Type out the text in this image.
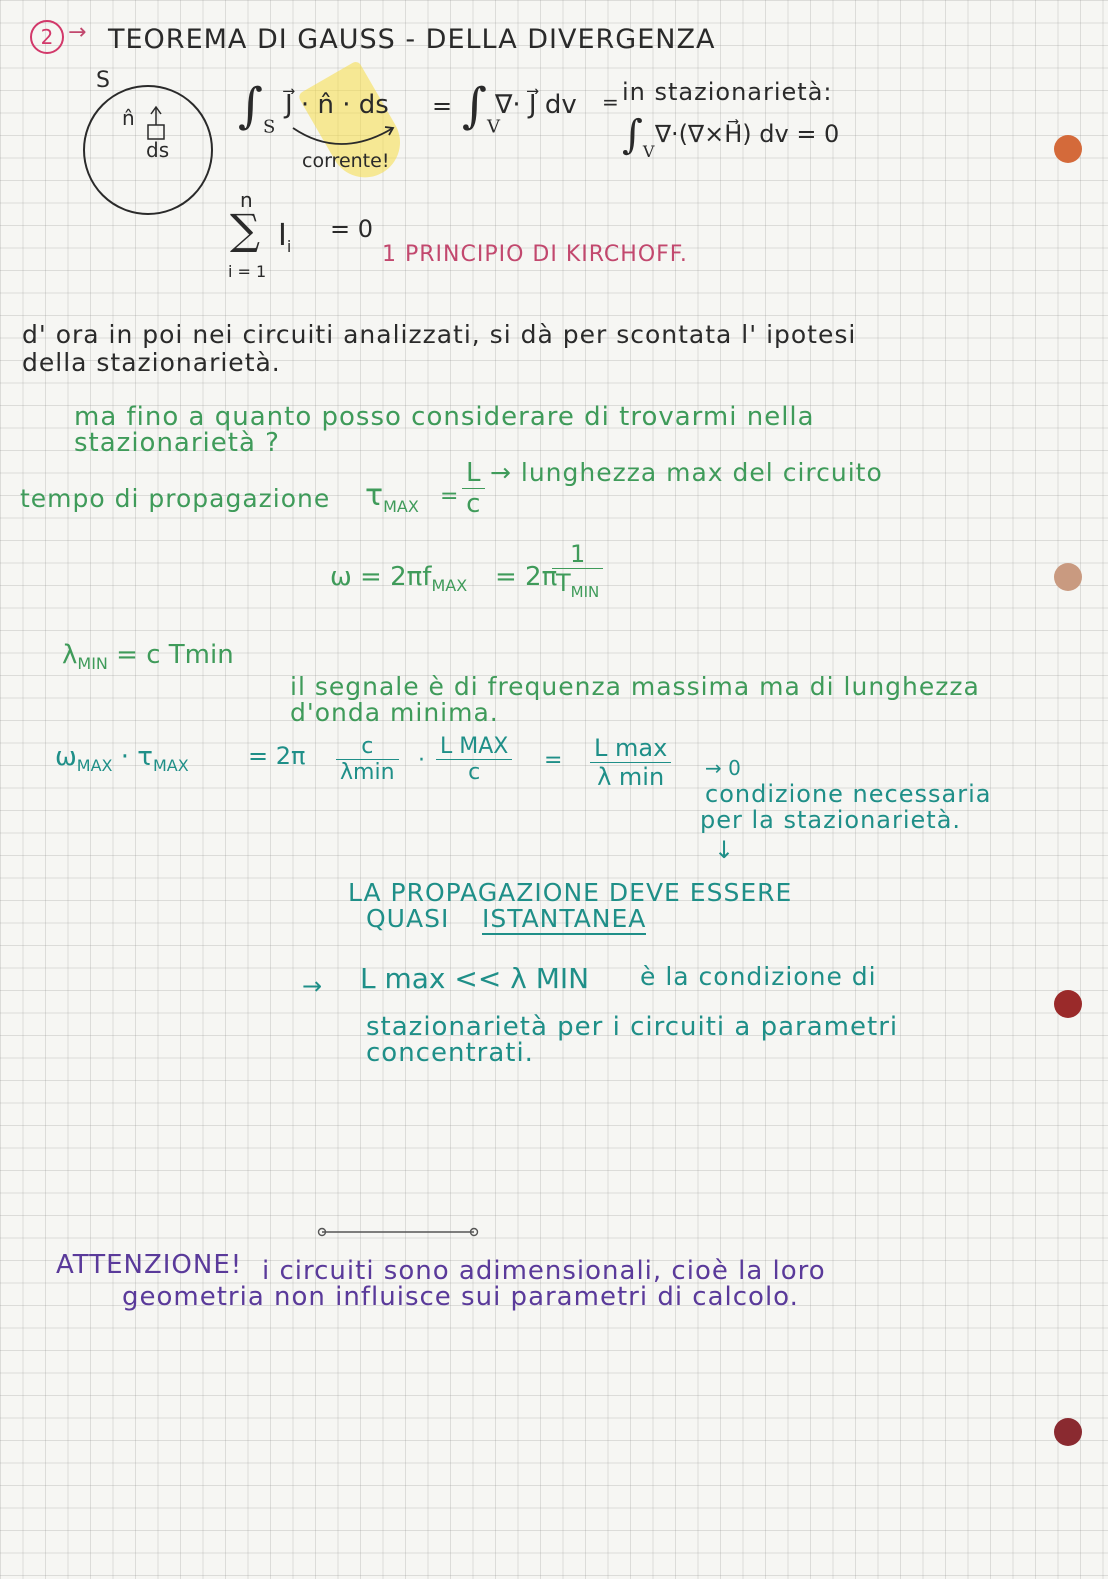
2 → TEOREMA DI GAUSS - DELLA DIVERGENZA
S
n̂
ds
$\int_S$
J⃗ · n̂ · ds = $\int_V$
∇· J⃗ dv = in stazionarietà:
$\int_V$
∇·(∇×H⃗) dv = 0
corrente!
n
∑
i = 1
$I_i$
= 0
1 PRINCIPIO DI KIRCHOFF.
d' ora in poi nei circuiti analizzati, si dà per scontata l' ipotesi
della stazionarietà.
ma fino a quanto posso considerare di trovarmi nella
stazionarietà ?
tempo di propagazione $\tau_{MAX} = \frac{L}{c}$ → lunghezza max del circuito
$\omega = 2\pi f_{MAX} = 2\pi$
$\frac{1}{T_{MIN}}$
$\lambda_{MIN} = c$ Tmin
il segnale è di frequenza massima ma di lunghezza
d'onda minima.
$\omega_{MAX} \cdot \tau_{MAX} = 2\pi \frac{c}{\lambda\min} \cdot \frac{\text{L MAX}}{c} = \frac{\text{L max}}{\text{λ min}} \to 0$
condizione necessaria
per la stazionarietà.
↓
LA PROPAGAZIONE DEVE ESSERE
QUASI ISTANTANEA
→ L max << λ MIN è la condizione di
stazionarietà per i circuiti a parametri
concentrati.
ATTENZIONE! i circuiti sono adimensionali, cioè la loro
geometria non influisce sui parametri di calcolo.
